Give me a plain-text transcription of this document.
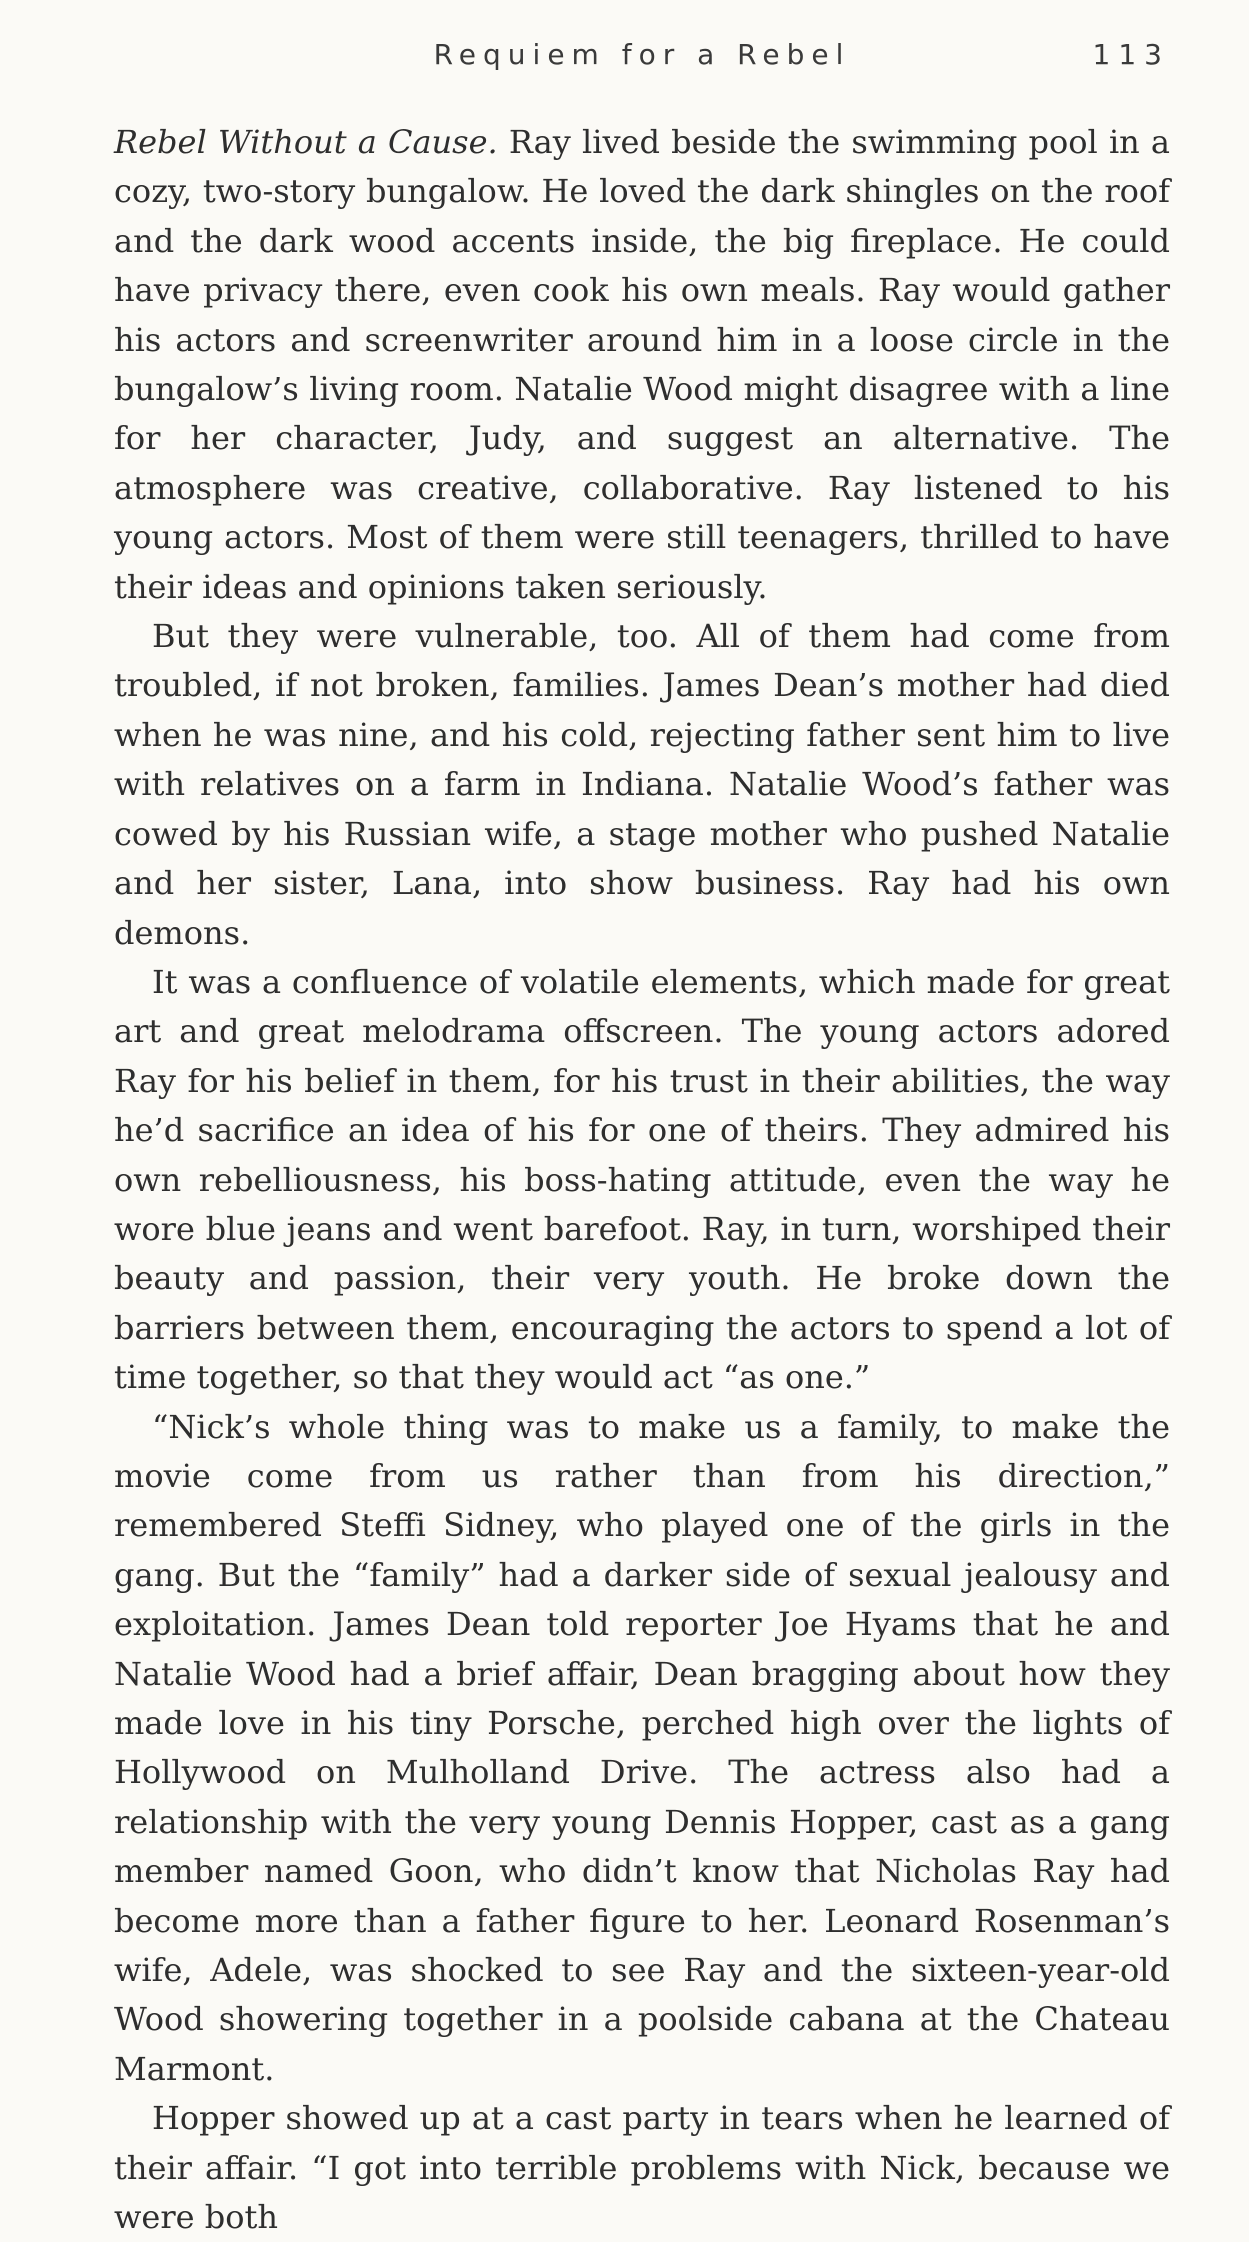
Requiem for a Rebel	113

Rebel Without a Cause. Ray lived beside the swimming pool in a cozy, two-story bungalow. He loved the dark shingles on the roof and the dark wood accents inside, the big fireplace. He could have privacy there, even cook his own meals. Ray would gather his actors and screenwriter around him in a loose circle in the bungalow’s living room. Natalie Wood might disagree with a line for her character, Judy, and suggest an alternative. The atmosphere was creative, collaborative. Ray listened to his young actors. Most of them were still teenagers, thrilled to have their ideas and opinions taken seriously.

But they were vulnerable, too. All of them had come from troubled, if not broken, families. James Dean’s mother had died when he was nine, and his cold, rejecting father sent him to live with relatives on a farm in Indiana. Natalie Wood’s father was cowed by his Russian wife, a stage mother who pushed Natalie and her sister, Lana, into show business. Ray had his own demons.

It was a confluence of volatile elements, which made for great art and great melodrama offscreen. The young actors adored Ray for his belief in them, for his trust in their abilities, the way he’d sacrifice an idea of his for one of theirs. They admired his own rebelliousness, his boss-hating attitude, even the way he wore blue jeans and went barefoot. Ray, in turn, worshiped their beauty and passion, their very youth. He broke down the barriers between them, encouraging the actors to spend a lot of time together, so that they would act “as one.”

“Nick’s whole thing was to make us a family, to make the movie come from us rather than from his direction,” remembered Steffi Sidney, who played one of the girls in the gang. But the “family” had a darker side of sexual jealousy and exploitation. James Dean told reporter Joe Hyams that he and Natalie Wood had a brief affair, Dean bragging about how they made love in his tiny Porsche, perched high over the lights of Hollywood on Mulholland Drive. The actress also had a relationship with the very young Dennis Hopper, cast as a gang member named Goon, who didn’t know that Nicholas Ray had become more than a father figure to her. Leonard Rosenman’s wife, Adele, was shocked to see Ray and the sixteen-year-old Wood showering together in a poolside cabana at the Chateau Marmont.

Hopper showed up at a cast party in tears when he learned of their affair. “I got into terrible problems with Nick, because we were both
